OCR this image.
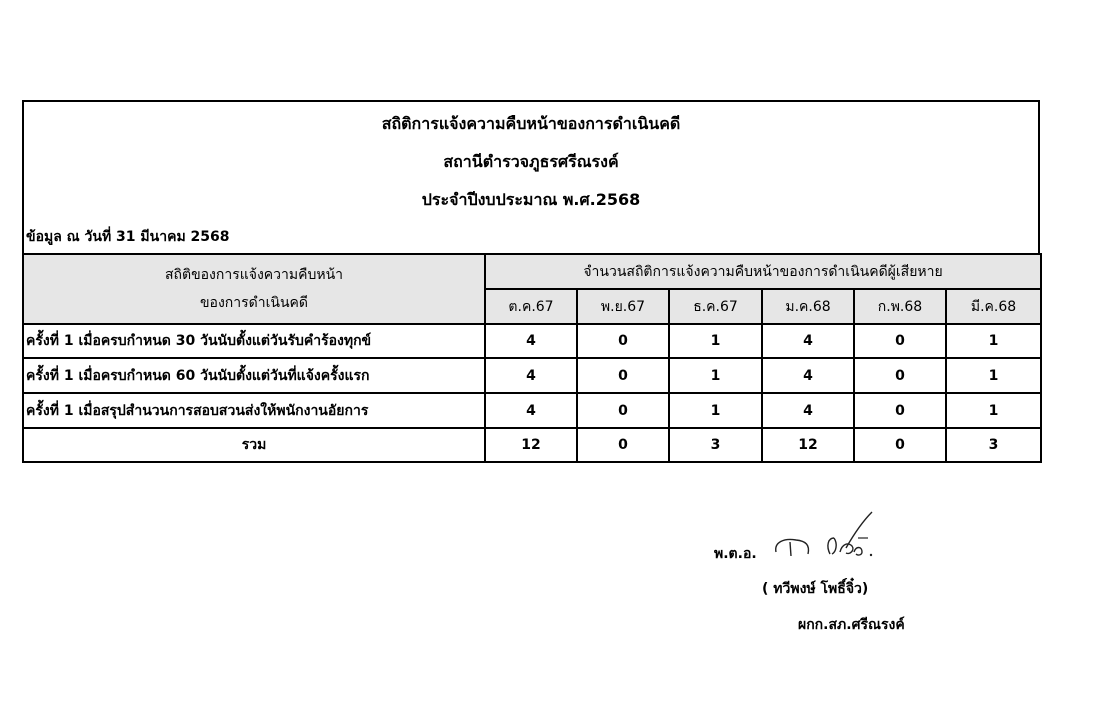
สถิติการแจ้งความคืบหน้าของการดำเนินคดี
สถานีตำรวจภูธรศรีณรงค์
ประจำปีงบประมาณ พ.ศ.2568
ข้อมูล ณ วันที่ 31 มีนาคม 2568
สถิติของการแจ้งความคืบหน้า
ของการดำเนินคดี	จำนวนสถิติการแจ้งความคืบหน้าของการดำเนินคดีผู้เสียหาย					
	ต.ค.67	พ.ย.67	ธ.ค.67	ม.ค.68	ก.พ.68	มี.ค.68
ครั้งที่ 1 เมื่อครบกำหนด 30 วันนับตั้งแต่วันรับคำร้องทุกข์	4	0	1	4	0	1
ครั้งที่ 1 เมื่อครบกำหนด 60 วันนับตั้งแต่วันที่แจ้งครั้งแรก	4	0	1	4	0	1
ครั้งที่ 1 เมื่อสรุปสำนวนการสอบสวนส่งให้พนักงานอัยการ	4	0	1	4	0	1
รวม	12	0	3	12	0	3
พ.ต.อ.
( ทวีพงษ์ โพธิ์จิ๋ว)
ผกก.สภ.ศรีณรงค์
